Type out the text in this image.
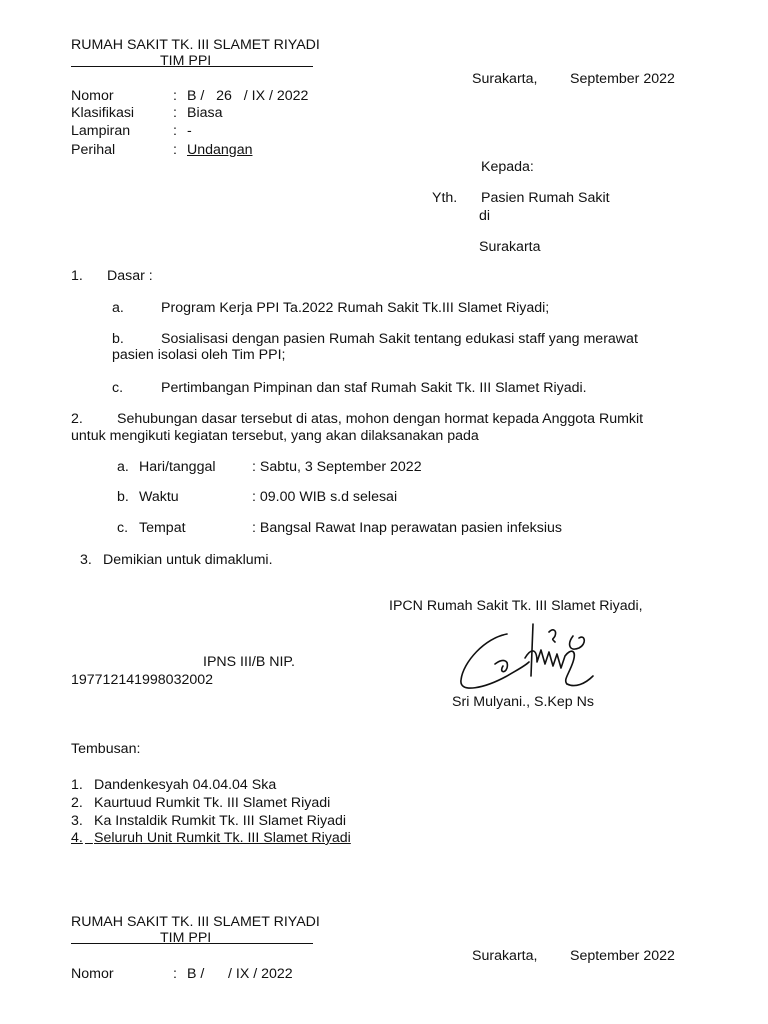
RUMAH SAKIT TK. III SLAMET RIYADI
TIM PPI
Surakarta, September 2022
Nomor	: B /   26   / IX / 2022
Klasifikasi	: Biasa
Lampiran	: -
Perihal	: Undangan
Kepada:
Yth. Pasien Rumah Sakit
di
Surakarta
1. Dasar :
a.	Program Kerja PPI Ta.2022 Rumah Sakit Tk.III Slamet Riyadi;
b.	Sosialisasi dengan pasien Rumah Sakit tentang edukasi staff yang merawat
pasien isolasi oleh Tim PPI;
c.	Pertimbangan Pimpinan dan staf Rumah Sakit Tk. III Slamet Riyadi.
2. Sehubungan dasar tersebut di atas, mohon dengan hormat kepada Anggota Rumkit
untuk mengikuti kegiatan tersebut, yang akan dilaksanakan pada
a. Hari/tanggal	: Sabtu, 3 September 2022
b. Waktu	: 09.00 WIB s.d selesai
c. Tempat	: Bangsal Rawat Inap perawatan pasien infeksius
3. Demikian untuk dimaklumi.
IPCN Rumah Sakit Tk. III Slamet Riyadi,
IPNS III/B NIP.
197712141998032002
Sri Mulyani., S.Kep Ns
Tembusan:
1. Dandenkesyah 04.04.04 Ska
2. Kaurtuud Rumkit Tk. III Slamet Riyadi
3. Ka Instaldik Rumkit Tk. III Slamet Riyadi
4.
Seluruh Unit Rumkit Tk. III Slamet Riyadi
RUMAH SAKIT TK. III SLAMET RIYADI
TIM PPI
Surakarta, September 2022
Nomor	: B /      / IX / 2022
